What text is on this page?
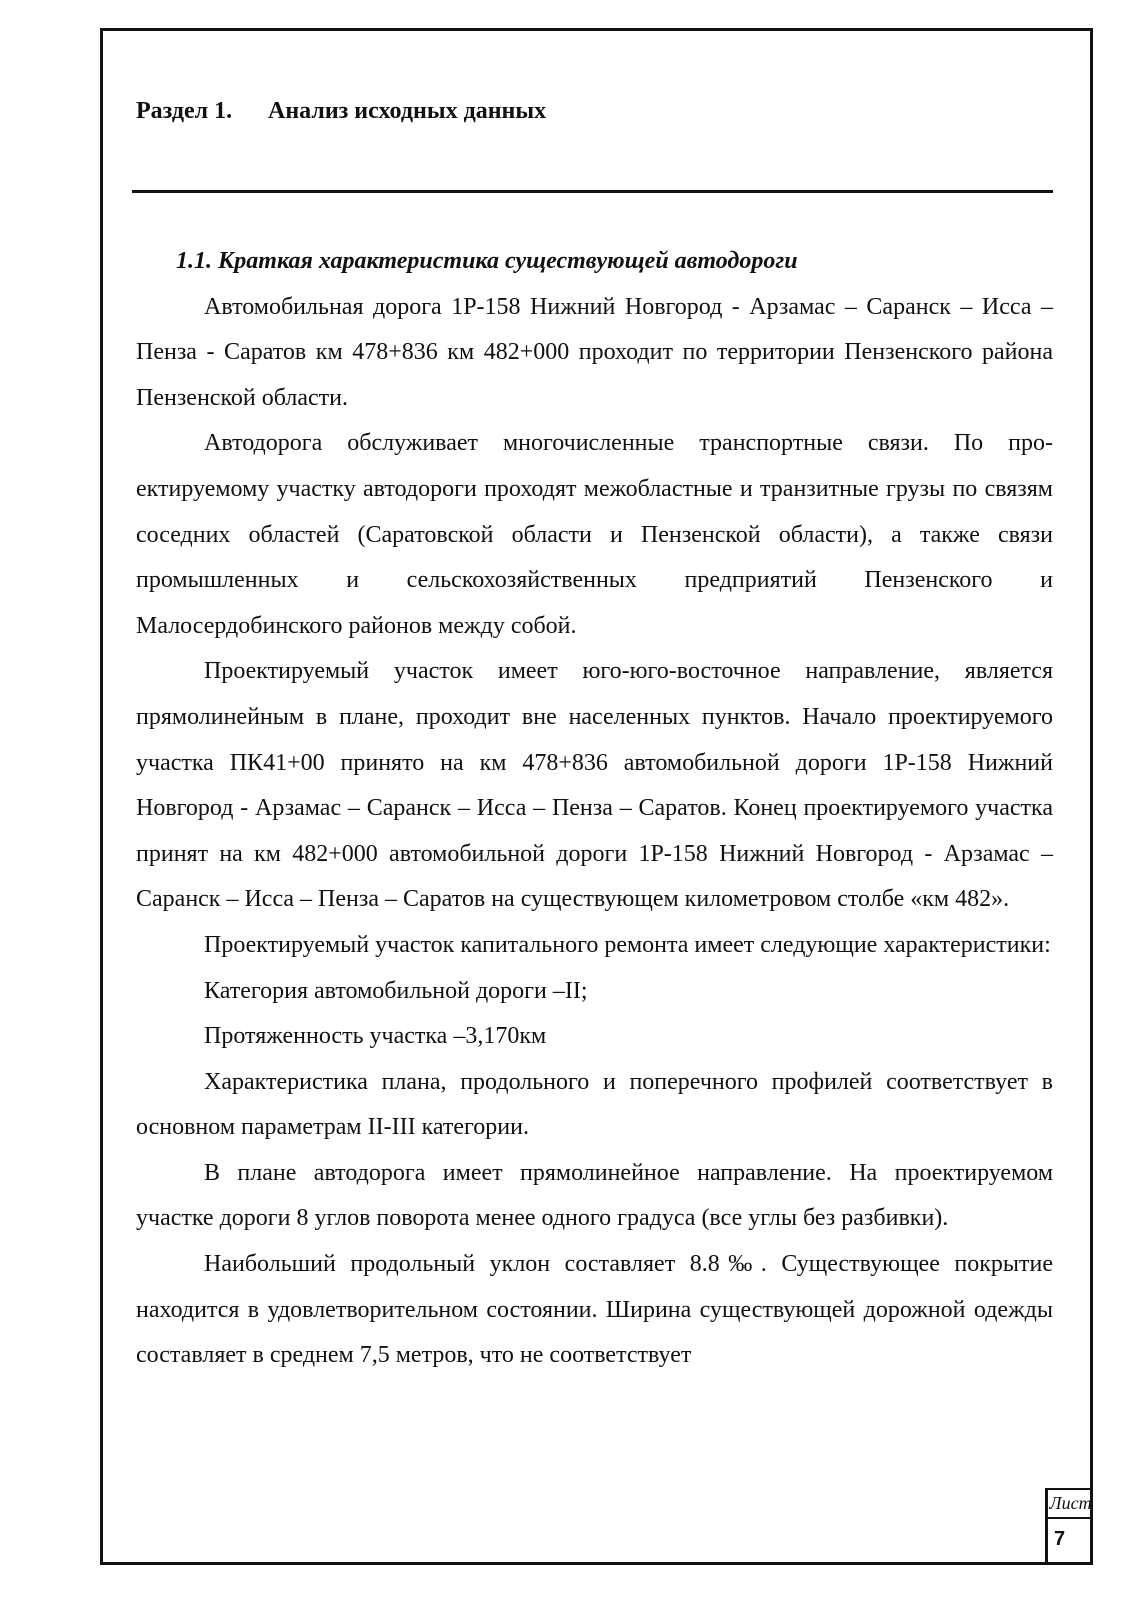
Раздел 1. Анализ исходных данных
1.1. Краткая характеристика существующей автодороги

Автомобильная дорога 1Р-158 Нижний Новгород - Арзамас – Саранск – Исса – Пенза - Саратов км 478+836 км 482+000 проходит по территории Пензенского района Пензенской области.

Автодорога обслуживает многочисленные транспортные связи. По проектируемому участку автодороги проходят межобластные и транзитные грузы по связям соседних областей (Саратовской области и Пензенской области), а также связи промышленных и сельскохозяйственных предприятий Пензенского и Малосердобинского районов между собой.

Проектируемый участок имеет юго-юго-восточное направление, является прямолинейным в плане, проходит вне населенных пунктов. Начало проектируемого участка ПК41+00 принято на км 478+836 автомобильной дороги 1Р-158 Нижний Новгород - Арзамас – Саранск – Исса – Пенза – Саратов. Конец проектируемого участка принят на км 482+000 автомобильной дороги 1Р-158 Нижний Новгород - Арзамас – Саранск – Исса – Пенза – Саратов на существующем километровом столбе «км 482».

Проектируемый участок капитального ремонта имеет следующие характеристики:

Категория автомобильной дороги –II;

Протяженность участка –3,170км

Характеристика плана, продольного и поперечного профилей соответствует в основном параметрам II-III категории.

В плане автодорога имеет прямолинейное направление. На проектируемом участке дороги 8 углов поворота менее одного градуса (все углы без разбивки).

Наибольший продольный уклон составляет 8.8‰. Существующее покрытие находится в удовлетворительном состоянии. Ширина существующей дорожной одежды составляет в среднем 7,5 метров, что не соответствует

Лист
7
